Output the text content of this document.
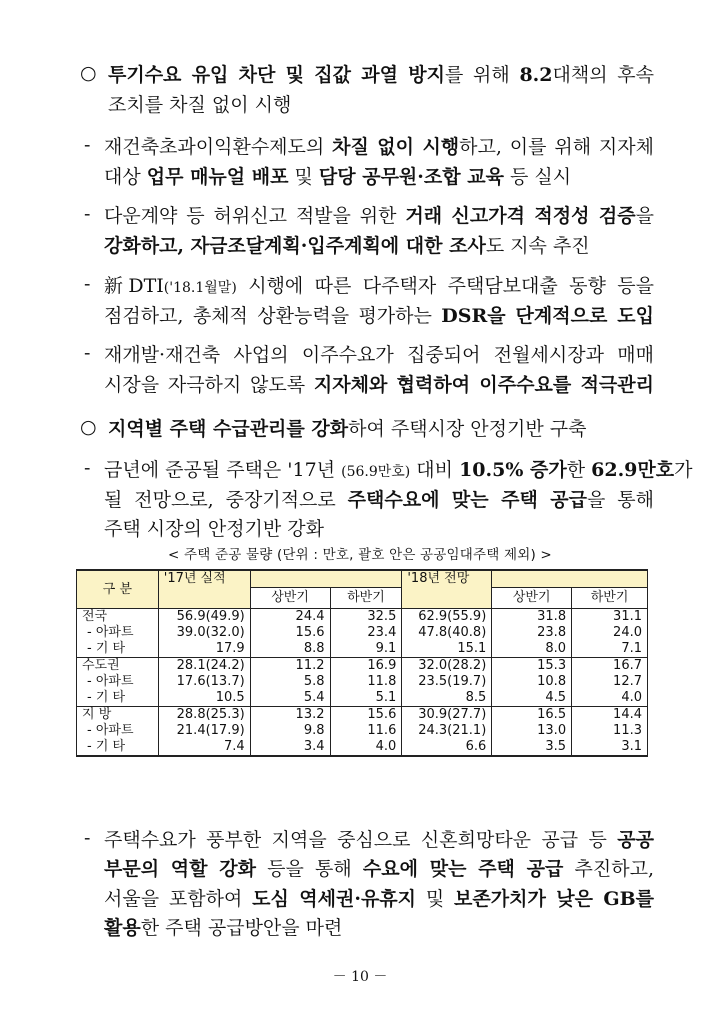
○ 투기수요 유입 차단 및 집값 과열 방지를 위해 8.2대책의 후속
조치를 차질 없이 시행
- 재건축초과이익환수제도의 차질 없이 시행하고, 이를 위해 지자체
대상 업무 매뉴얼 배포 및 담당 공무원·조합 교육 등 실시
- 다운계약 등 허위신고 적발을 위한 거래 신고가격 적정성 검증을
강화하고, 자금조달계획·입주계획에 대한 조사도 지속 추진
- 新DTI('18.1월말) 시행에 따른 다주택자 주택담보대출 동향 등을
점검하고, 총체적 상환능력을 평가하는 DSR을 단계적으로 도입
- 재개발·재건축 사업의 이주수요가 집중되어 전월세시장과 매매
시장을 자극하지 않도록 지자체와 협력하여 이주수요를 적극관리
○ 지역별 주택 수급관리를 강화하여 주택시장 안정기반 구축
- 금년에 준공될 주택은 '17년 (56.9만호) 대비 10.5% 증가한 62.9만호가
될 전망으로, 중장기적으로 주택수요에 맞는 주택 공급을 통해
주택 시장의 안정기반 강화
< 주택 준공 물량 (단위 : 만호, 괄호 안은 공공임대주택 제외) >
구 분	'17년 실적			'18년 전망		
		상반기	하반기		상반기	하반기
전국	56.9(49.9)	24.4	32.5	62.9(55.9)	31.8	31.1
- 아파트	39.0(32.0)	15.6	23.4	47.8(40.8)	23.8	24.0
- 기 타	17.9	8.8	9.1	15.1	8.0	7.1
수도권	28.1(24.2)	11.2	16.9	32.0(28.2)	15.3	16.7
- 아파트	17.6(13.7)	5.8	11.8	23.5(19.7)	10.8	12.7
- 기 타	10.5	5.4	5.1	8.5	4.5	4.0
지 방	28.8(25.3)	13.2	15.6	30.9(27.7)	16.5	14.4
- 아파트	21.4(17.9)	9.8	11.6	24.3(21.1)	13.0	11.3
- 기 타	7.4	3.4	4.0	6.6	3.5	3.1
- 주택수요가 풍부한 지역을 중심으로 신혼희망타운 공급 등 공공
부문의 역할 강화 등을 통해 수요에 맞는 주택 공급 추진하고,
서울을 포함하여 도심 역세권·유휴지 및 보존가치가 낮은 GB를
활용한 주택 공급방안을 마련
－ 10 －
